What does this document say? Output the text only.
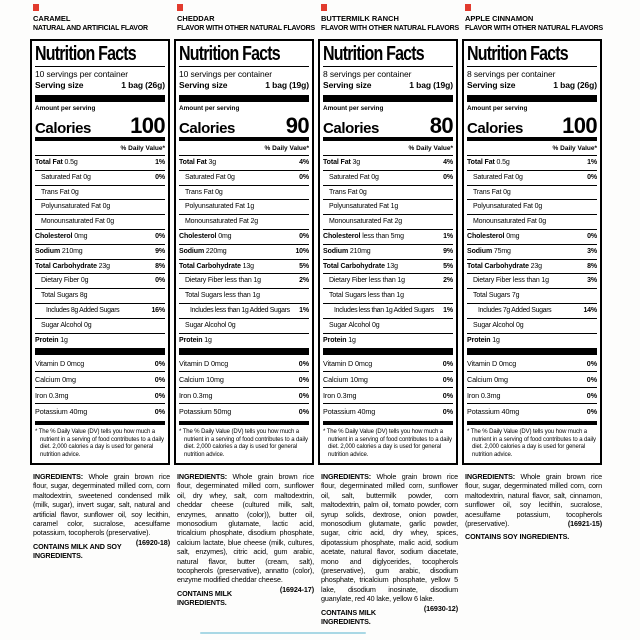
CARAMEL
NATURAL AND ARTIFICIAL FLAVOR
Nutrition Facts
10 servings per container
Serving size	1 bag (26g)
Amount per serving
Calories 100
% Daily Value*
Total Fat 0.5g	1%
Saturated Fat 0g	0%
Trans Fat 0g
Polyunsaturated Fat 0g
Monounsaturated Fat 0g
Cholesterol 0mg	0%
Sodium 210mg	9%
Total Carbohydrate 23g	8%
Dietary Fiber 0g	0%
Total Sugars 8g
Includes 8g Added Sugars	16%
Sugar Alcohol 0g
Protein 1g
Vitamin D 0mcg	0%
Calcium 0mg	0%
Iron 0.3mg	0%
Potassium 40mg	0%
* The % Daily Value (DV) tells you how much a nutrient in a serving of food contributes to a daily diet. 2,000 calories a day is used for general nutrition advice.

INGREDIENTS: Whole grain brown rice flour, sugar, degerminated milled corn, corn maltodextrin, sweetened condensed milk (milk, sugar), invert sugar, salt, natural and artificial flavor, sunflower oil, soy lecithin, caramel color, sucralose, acesulfame potassium, tocopherols (preservative).
(16920-18)

CONTAINS MILK AND SOY INGREDIENTS.
CHEDDAR
FLAVOR WITH OTHER NATURAL FLAVORS
Nutrition Facts
10 servings per container
Serving size	1 bag (19g)
Amount per serving
Calories 90
% Daily Value*
Total Fat 3g	4%
Saturated Fat 0g	0%
Trans Fat 0g
Polyunsaturated Fat 1g
Monounsaturated Fat 2g
Cholesterol 0mg	0%
Sodium 220mg	10%
Total Carbohydrate 13g	5%
Dietary Fiber less than 1g	2%
Total Sugars less than 1g
Includes less than 1g Added Sugars 1%
Sugar Alcohol 0g
Protein 1g
Vitamin D 0mcg	0%
Calcium 10mg	0%
Iron 0.3mg	0%
Potassium 50mg	0%
* The % Daily Value (DV) tells you how much a nutrient in a serving of food contributes to a daily diet. 2,000 calories a day is used for general nutrition advice.

INGREDIENTS: Whole grain brown rice flour, degerminated milled corn, sunflower oil, dry whey, salt, corn maltodextrin, cheddar cheese (cultured milk, salt, enzymes, annatto (color)), butter oil, monosodium glutamate, lactic acid, tricalcium phosphate, disodium phosphate, calcium lactate, blue cheese (milk, cultures, salt, enzymes), citric acid, gum arabic, natural flavor, butter (cream, salt), tocopherols (preservative), annatto (color), enzyme modified cheddar cheese.
(16924-17)

CONTAINS MILK INGREDIENTS.
BUTTERMILK RANCH
FLAVOR WITH OTHER NATURAL FLAVORS
Nutrition Facts
8 servings per container
Serving size	1 bag (19g)
Amount per serving
Calories 80
% Daily Value*
Total Fat 3g	4%
Saturated Fat 0g	0%
Trans Fat 0g
Polyunsaturated Fat 1g
Monounsaturated Fat 2g
Cholesterol less than 5mg	1%
Sodium 210mg	9%
Total Carbohydrate 13g	5%
Dietary Fiber less than 1g	2%
Total Sugars less than 1g
Includes less than 1g Added Sugars 1%
Sugar Alcohol 0g
Protein 1g
Vitamin D 0mcg	0%
Calcium 10mg	0%
Iron 0.3mg	0%
Potassium 40mg	0%
* The % Daily Value (DV) tells you how much a nutrient in a serving of food contributes to a daily diet. 2,000 calories a day is used for general nutrition advice.

INGREDIENTS: Whole grain brown rice flour, degerminated milled corn, sunflower oil, salt, buttermilk powder, corn maltodextrin, palm oil, tomato powder, corn syrup solids, dextrose, onion powder, monosodium glutamate, garlic powder, sugar, citric acid, dry whey, spices, dipotassium phosphate, malic acid, sodium acetate, natural flavor, sodium diacetate, mono and diglycerides, tocopherols (preservative), gum arabic, disodium phosphate, tricalcium phosphate, yellow 5 lake, disodium inosinate, disodium guanylate, red 40 lake, yellow 6 lake.
(16930-12)

CONTAINS MILK INGREDIENTS.
APPLE CINNAMON
FLAVOR WITH OTHER NATURAL FLAVORS
Nutrition Facts
8 servings per container
Serving size	1 bag (26g)
Amount per serving
Calories 100
% Daily Value*
Total Fat 0.5g	1%
Saturated Fat 0g	0%
Trans Fat 0g
Polyunsaturated Fat 0g
Monounsaturated Fat 0g
Cholesterol 0mg	0%
Sodium 75mg	3%
Total Carbohydrate 23g	8%
Dietary Fiber less than 1g	3%
Total Sugars 7g
Includes 7g Added Sugars	14%
Sugar Alcohol 0g
Protein 1g
Vitamin D 0mcg	0%
Calcium 0mg	0%
Iron 0.3mg	0%
Potassium 40mg	0%
* The % Daily Value (DV) tells you how much a nutrient in a serving of food contributes to a daily diet. 2,000 calories a day is used for general nutrition advice.

INGREDIENTS: Whole grain brown rice flour, sugar, degerminated milled corn, corn maltodextrin, natural flavor, salt, cinnamon, sunflower oil, soy lecithin, sucralose, acesulfame potassium, tocopherols (preservative).	(16921-15)

CONTAINS SOY INGREDIENTS.
